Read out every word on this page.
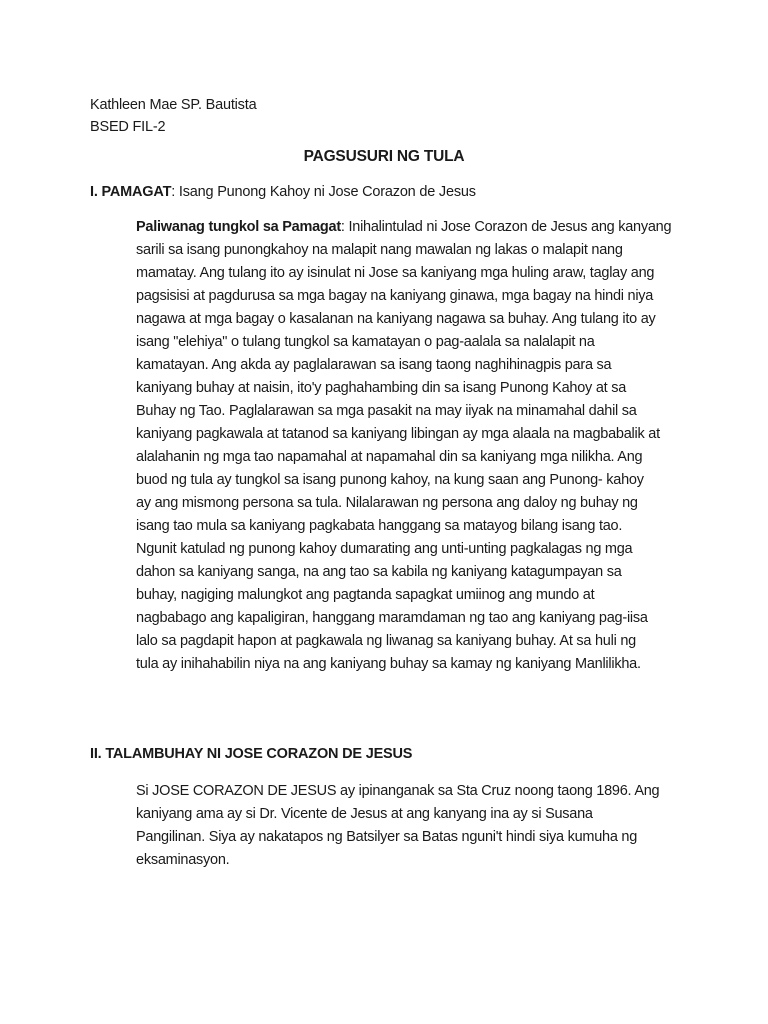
Kathleen Mae SP. Bautista
BSED FIL-2
PAGSUSURI NG TULA
I. PAMAGAT: Isang Punong Kahoy ni Jose Corazon de Jesus
Paliwanag tungkol sa Pamagat: Inihalintulad ni Jose Corazon de Jesus ang kanyang
sarili sa isang punongkahoy na malapit nang mawalan ng lakas o malapit nang
mamatay. Ang tulang ito ay isinulat ni Jose sa kaniyang mga huling araw, taglay ang
pagsisisi at pagdurusa sa mga bagay na kaniyang ginawa, mga bagay na hindi niya
nagawa at mga bagay o kasalanan na kaniyang nagawa sa buhay. Ang tulang ito ay
isang "elehiya" o tulang tungkol sa kamatayan o pag-aalala sa nalalapit na
kamatayan. Ang akda ay paglalarawan sa isang taong naghihinagpis para sa
kaniyang buhay at naisin, ito'y paghahambing din sa isang Punong Kahoy at sa
Buhay ng Tao. Paglalarawan sa mga pasakit na may iiyak na minamahal dahil sa
kaniyang pagkawala at tatanod sa kaniyang libingan ay mga alaala na magbabalik at
alalahanin ng mga tao napamahal at napamahal din sa kaniyang mga nilikha. Ang
buod ng tula ay tungkol sa isang punong kahoy, na kung saan ang Punong- kahoy
ay ang mismong persona sa tula. Nilalarawan ng persona ang daloy ng buhay ng
isang tao mula sa kaniyang pagkabata hanggang sa matayog bilang isang tao.
Ngunit katulad ng punong kahoy dumarating ang unti-unting pagkalagas ng mga
dahon sa kaniyang sanga, na ang tao sa kabila ng kaniyang katagumpayan sa
buhay, nagiging malungkot ang pagtanda sapagkat umiinog ang mundo at
nagbabago ang kapaligiran, hanggang maramdaman ng tao ang kaniyang pag-iisa
lalo sa pagdapit hapon at pagkawala ng liwanag sa kaniyang buhay. At sa huli ng
tula ay inihahabilin niya na ang kaniyang buhay sa kamay ng kaniyang Manlilikha.
II. TALAMBUHAY NI JOSE CORAZON DE JESUS
Si JOSE CORAZON DE JESUS ay ipinanganak sa Sta Cruz noong taong 1896. Ang
kaniyang ama ay si Dr. Vicente de Jesus at ang kanyang ina ay si Susana
Pangilinan. Siya ay nakatapos ng Batsilyer sa Batas nguni't hindi siya kumuha ng
eksaminasyon.
